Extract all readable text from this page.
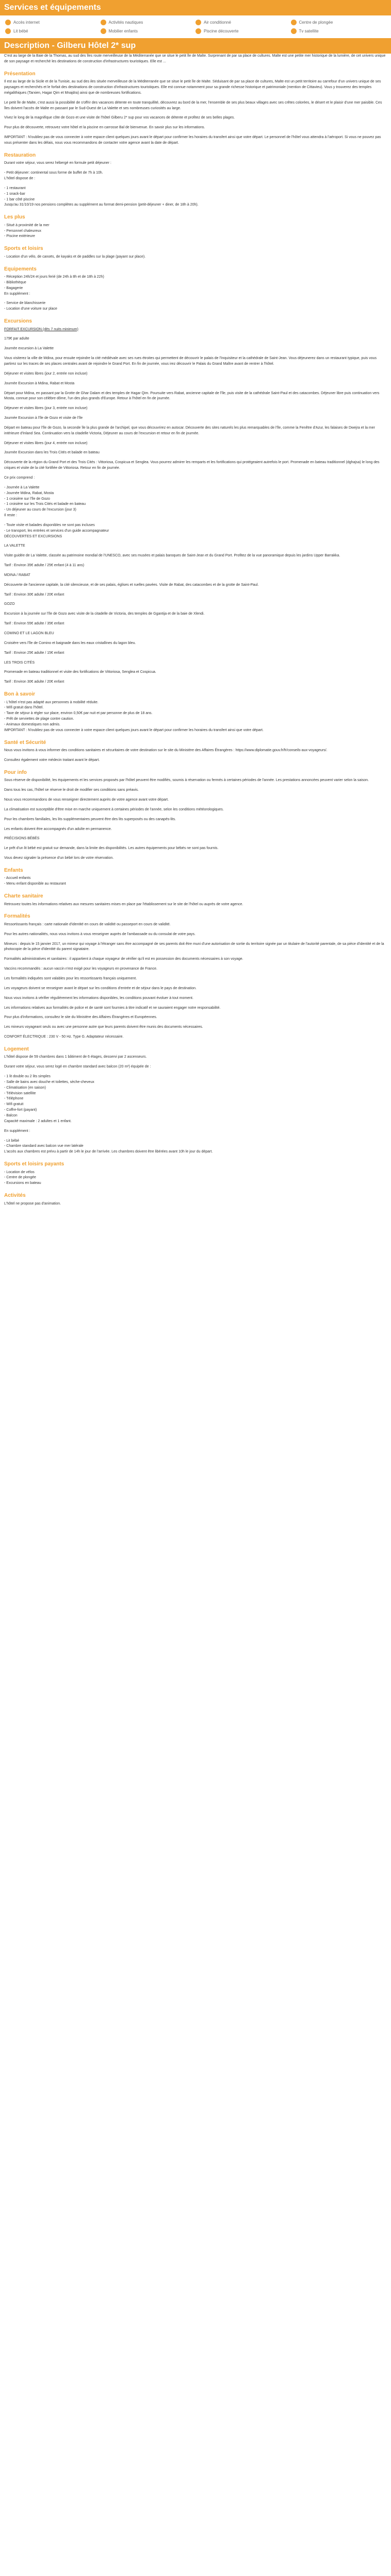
Services et équipements
Accès internet	Activités nautiques	Air conditionné	Centre de plongée
Lit bébé	Mobilier enfants	Piscine découverte	Tv satellite
Description - Gilberu Hôtel 2* sup

C'est au large de la Baie de la Thomas, au sud des îles route merveilleuse de la Méditerranée que se situe le petit île de Malte. Surprenant de par sa place de cultures. Malte est une petite mer historique de la lumière, de cet univers unique de son paysage et recherché les destinations de construction d'infrastructures touristiques. Elle est ...

Présentation

Il est au large de la Sicile et de la Tunisie, au sud des iles située merveilleuse de la Méditerranée que se situe le petit île de Malte. Séduisant de par sa place de cultures, Malte est un petit territoire au carrefour d'un univers unique de ses paysages et recherchés et le forfait des destinations de construction d'infrastructures touristiques. Elle est connue notamment pour sa grande richesse historique et patrimoniale (mention de Cittavieu). Vous y trouverez des temples mégalithiques (Tarxien, Hagar Qim et Mnajdra) ainsi que de nombreuses fortifications.

Le petit île de Malte, c'est aussi la possibilité de s'offrir des vacances détente en toute tranquillité, découvrez au bord de la mer, l'ensemble de ses plus beaux villages avec ses crêtes colorées, le désert et le plaisir d'une mer paisible. Ces îles doivent l'accès de Malte en passant par le Sud-Ouest de La Valette et ses nombreuses curiosités au large.

Vivez le long de la magnifique côte de Gozo et une visite de l'hôtel Gilberu 2* sup pour vos vacances de détente et profitez de ses belles plages.

Pour plus de découverte, retrouvez votre hôtel et la piscine en carrosse Bal de bienvenue. En savoir plus sur les informations.

IMPORTANT : N'oubliez pas de vous connecter à votre espace client quelques jours avant le départ pour confirmer les horaires du transfert ainsi que votre départ. Le personnel de l'hôtel vous attendra à l'aéroport. Si vous ne pouvez pas vous présenter dans les délais, nous vous recommandons de contacter votre agence avant la date de départ.

Restauration

Durant votre séjour, vous serez hébergé en formule petit déjeuner :

- Petit déjeuner: continental sous forme de buffet de 7h à 10h.

L'hôtel dispose de :

- 1 restaurant

- 1 snack-bar

- 1 bar côté piscine

Jusqu'au 31/10/19 nos pensions complètes au supplément au format demi-pension (petit-déjeuner + diner, de 18h à 20h).

Les plus

- Situé à proximité de la mer

- Personnel chaleureux

- Piscine extérieure

Sports et loisirs

- Location d'un vélo, de canoës, de kayaks et de paddles sur la plage (payant sur place).

Equipements

- Réception 24h/24 et jours ferié (de 24h à 8h et de 18h à 22h)

- Bibliothèque

- Bagagerie

En supplément :

- Service de blanchisserie

- Location d'une voiture sur place

Excursions

FORFAIT EXCURSION (dès 7 nuits minimum)

179€ par adulte

Journée excursion à La Valette

Vous visiterez la ville de Mdina, pour ensuite rejoindre la cité médiévale avec ses rues étroites qui permettent de découvrir le palais de l'Inquisiteur et la cathédrale de Saint-Jean. Vous déjeunerez dans un restaurant typique, puis vous partirez sur les traces de ses places centrales avant de rejoindre le Grand Port. En fin de journée, vous irez découvrir le Palais du Grand Maître avant de rentrer à l'hôtel.

Déjeuner et visites libres (jour 2, entrée non incluse)

Journée Excursion à Mdina, Rabat et Mosta

Départ pour Mdina, en passant par la Grotte de Ghar Dalam et des temples de Hagar Qim. Poursuite vers Rabat, ancienne capitale de l'île, puis visite de la cathédrale Saint-Paul et des catacombes. Déjeuner libre puis continuation vers Mosta, connue pour son célèbre dôme, l'un des plus grands d'Europe. Retour à l'hôtel en fin de journée.

Déjeuner et visites libres (jour 3, entrée non incluse)

Journée Excursion à l'île de Gozo et visite de l'île

Départ en bateau pour l'île de Gozo, la seconde île la plus grande de l'archipel, que vous découvrirez en autocar. Découverte des sites naturels les plus remarquables de l'île, comme la Fenêtre d'Azur, les falaises de Dwejra et la mer intérieure d'Inland Sea. Continuation vers la citadelle Victoria, Déjeuner au cours de l'excursion et retour en fin de journée.

Déjeuner et visites libres (jour 4, entrée non incluse)

Journée Excursion dans les Trois Cités et balade en bateau

Découverte de la région du Grand Port et des Trois Cités : Vittoriosa, Cospicua et Senglea. Vous pourrez admirer les remparts et les fortifications qui protégeaient autrefois le port. Promenade en bateau traditionnel (dghajsa) le long des criques et visite de la cité fortifiée de Vittoriosa. Retour en fin de journée.

Ce prix comprend :

- Journée à La Valette

- Journée Mdina, Rabat, Mosta

- 1 croisière sur l'île de Gozo

- 1 croisière sur les Trois Cités et balade en bateau

- Un déjeuner au cours de l'excursion (jour 3)

Il reste :

- Toute visite et balades disponibles ne sont pas incluses

- Le transport, les entrées et services d'un guide accompagnateur

DÉCOUVERTES ET EXCURSIONS

LA VALETTE

Visite guidée de La Valette, classée au patrimoine mondial de l'UNESCO, avec ses musées et palais baroques de Saint-Jean et du Grand Port. Profitez de la vue panoramique depuis les jardins Upper Barrakka.

Tarif : Environ 35€ adulte / 25€ enfant (4 à 11 ans)

MDINA / RABAT

Découverte de l'ancienne capitale, la cité silencieuse, et de ses palais, églises et ruelles pavées. Visite de Rabat, des catacombes et de la grotte de Saint-Paul.

Tarif : Environ 30€ adulte / 20€ enfant

GOZO

Excursion à la journée sur l'île de Gozo avec visite de la citadelle de Victoria, des temples de Ggantija et de la baie de Xlendi.

Tarif : Environ 55€ adulte / 35€ enfant

COMINO ET LE LAGON BLEU

Croisière vers l'île de Comino et baignade dans les eaux cristallines du lagon bleu.

Tarif : Environ 25€ adulte / 15€ enfant

LES TROIS CITÉS

Promenade en bateau traditionnel et visite des fortifications de Vittoriosa, Senglea et Cospicua.

Tarif : Environ 30€ adulte / 20€ enfant

Bon à savoir

- L'hôtel n'est pas adapté aux personnes à mobilité réduite.

- Wifi gratuit dans l'hôtel.

- Taxe de séjour à régler sur place, environ 0,50€ par nuit et par personne de plus de 18 ans.

- Prêt de serviettes de plage contre caution.

- Animaux domestiques non admis.

IMPORTANT : N'oubliez pas de vous connecter à votre espace client quelques jours avant le départ pour confirmer les horaires du transfert ainsi que votre départ.

Santé et Sécurité

Nous vous invitons à vous informer des conditions sanitaires et sécuritaires de votre destination sur le site du Ministère des Affaires Étrangères : https://www.diplomatie.gouv.fr/fr/conseils-aux-voyageurs/.

Consultez également votre médecin traitant avant le départ.

Pour info

Sous réserve de disponibilité, les équipements et les services proposés par l'hôtel peuvent être modifiés, soumis à réservation ou fermés à certaines périodes de l'année. Les prestations annoncées peuvent varier selon la saison.

Dans tous les cas, l'hôtel se réserve le droit de modifier ses conditions sans préavis.

Nous vous recommandons de vous renseigner directement auprès de votre agence avant votre départ.

La climatisation est susceptible d'être mise en marche uniquement à certaines périodes de l'année, selon les conditions météorologiques.

Pour les chambres familiales, les lits supplémentaires peuvent être des lits superposés ou des canapés-lits.

Les enfants doivent être accompagnés d'un adulte en permanence.

PRÉCISIONS BÉBÉS

Le prêt d'un lit bébé est gratuit sur demande, dans la limite des disponibilités. Les autres équipements pour bébés ne sont pas fournis.

Vous devez signaler la présence d'un bébé lors de votre réservation.

Enfants

- Accueil enfants

- Menu enfant disponible au restaurant

Charte sanitaire

Retrouvez toutes les informations relatives aux mesures sanitaires mises en place par l'établissement sur le site de l'hôtel ou auprès de votre agence.

Formalités

Ressortissants français : carte nationale d'identité en cours de validité ou passeport en cours de validité.

Pour les autres nationalités, nous vous invitons à vous renseigner auprès de l'ambassade ou du consulat de votre pays.

Mineurs : depuis le 15 janvier 2017, un mineur qui voyage à l'étranger sans être accompagné de ses parents doit être muni d'une autorisation de sortie du territoire signée par un titulaire de l'autorité parentale, de sa pièce d'identité et de la photocopie de la pièce d'identité du parent signataire.

Formalités administratives et sanitaires : il appartient à chaque voyageur de vérifier qu'il est en possession des documents nécessaires à son voyage.

Vaccins recommandés : aucun vaccin n'est exigé pour les voyageurs en provenance de France.

Les formalités indiquées sont valables pour les ressortissants français uniquement.

Les voyageurs doivent se renseigner avant le départ sur les conditions d'entrée et de séjour dans le pays de destination.

Nous vous invitons à vérifier régulièrement les informations disponibles, les conditions pouvant évoluer à tout moment.

Les informations relatives aux formalités de police et de santé sont fournies à titre indicatif et ne sauraient engager notre responsabilité.

Pour plus d'informations, consultez le site du Ministère des Affaires Étrangères et Européennes.

Les mineurs voyageant seuls ou avec une personne autre que leurs parents doivent être munis des documents nécessaires.

CONFORT ÉLECTRIQUE : 230 V - 50 Hz. Type G. Adaptateur nécessaire.

Logement

L'hôtel dispose de 59 chambres dans 1 bâtiment de 6 étages, desservi par 2 ascenseurs.

Durant votre séjour, vous serez logé en chambre standard avec balcon (20 m²) équipée de :

- 1 lit double ou 2 lits simples

- Salle de bains avec douche et toilettes, sèche-cheveux

- Climatisation (en saison)

- Télévision satellite

- Téléphone

- Wifi gratuit

- Coffre-fort (payant)

- Balcon

Capacité maximale : 2 adultes et 1 enfant.

En supplément :

- Lit bébé

- Chambre standard avec balcon vue mer latérale

L'accès aux chambres est prévu à partir de 14h le jour de l'arrivée. Les chambres doivent être libérées avant 10h le jour du départ.

Sports et loisirs payants

- Location de vélos

- Centre de plongée

- Excursions en bateau

Activités

L'hôtel ne propose pas d'animation.
